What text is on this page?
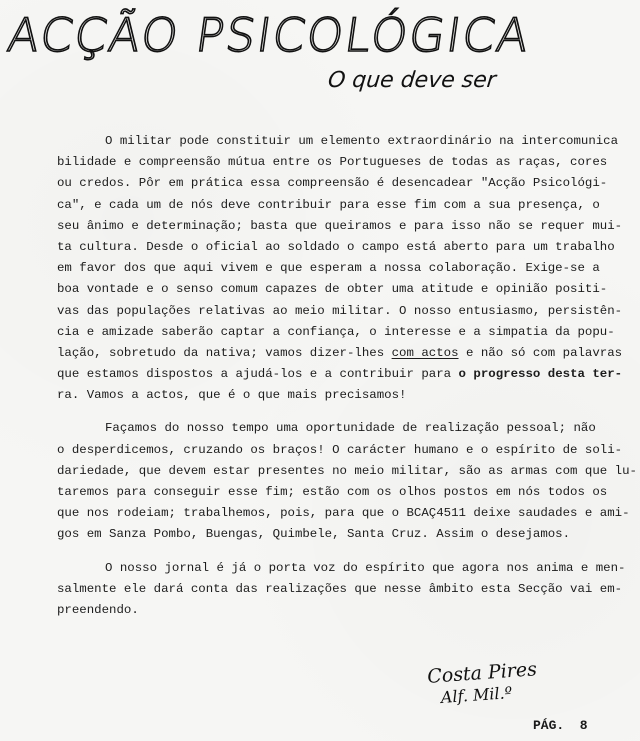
ACÇÃO PSICOLÓGICA
O que deve ser
O militar pode constituir um elemento extraordinário na intercomunica
bilidade e compreensão mútua entre os Portugueses de todas as raças, cores
ou credos. Pôr em prática essa compreensão é desencadear "Acção Psicológi-
ca", e cada um de nós deve contribuir para esse fim com a sua presença, o
seu ânimo e determinação; basta que queiramos e para isso não se requer mui-
ta cultura. Desde o oficial ao soldado o campo está aberto para um trabalho
em favor dos que aqui vivem e que esperam a nossa colaboração. Exige-se a
boa vontade e o senso comum capazes de obter uma atitude e opinião positi-
vas das populações relativas ao meio militar. O nosso entusiasmo, persistên-
cia e amizade saberão captar a confiança, o interesse e a simpatia da popu-
lação, sobretudo da nativa; vamos dizer-lhes com actos e não só com palavras
que estamos dispostos a ajudá-los e a contribuir para o progresso desta ter-
ra. Vamos a actos, que é o que mais precisamos!
Façamos do nosso tempo uma oportunidade de realização pessoal; não
o desperdicemos, cruzando os braços! O carácter humano e o espírito de soli-
dariedade, que devem estar presentes no meio militar, são as armas com que lu-
taremos para conseguir esse fim; estão com os olhos postos em nós todos os
que nos rodeiam; trabalhemos, pois, para que o BCAÇ4511 deixe saudades e ami-
gos em Sanza Pombo, Buengas, Quimbele, Santa Cruz. Assim o desejamos.
O nosso jornal é já o porta voz do espírito que agora nos anima e men-
salmente ele dará conta das realizações que nesse âmbito esta Secção vai em-
preendendo.
Costa Pires
Alf. Mil.º
PÁG.  8
